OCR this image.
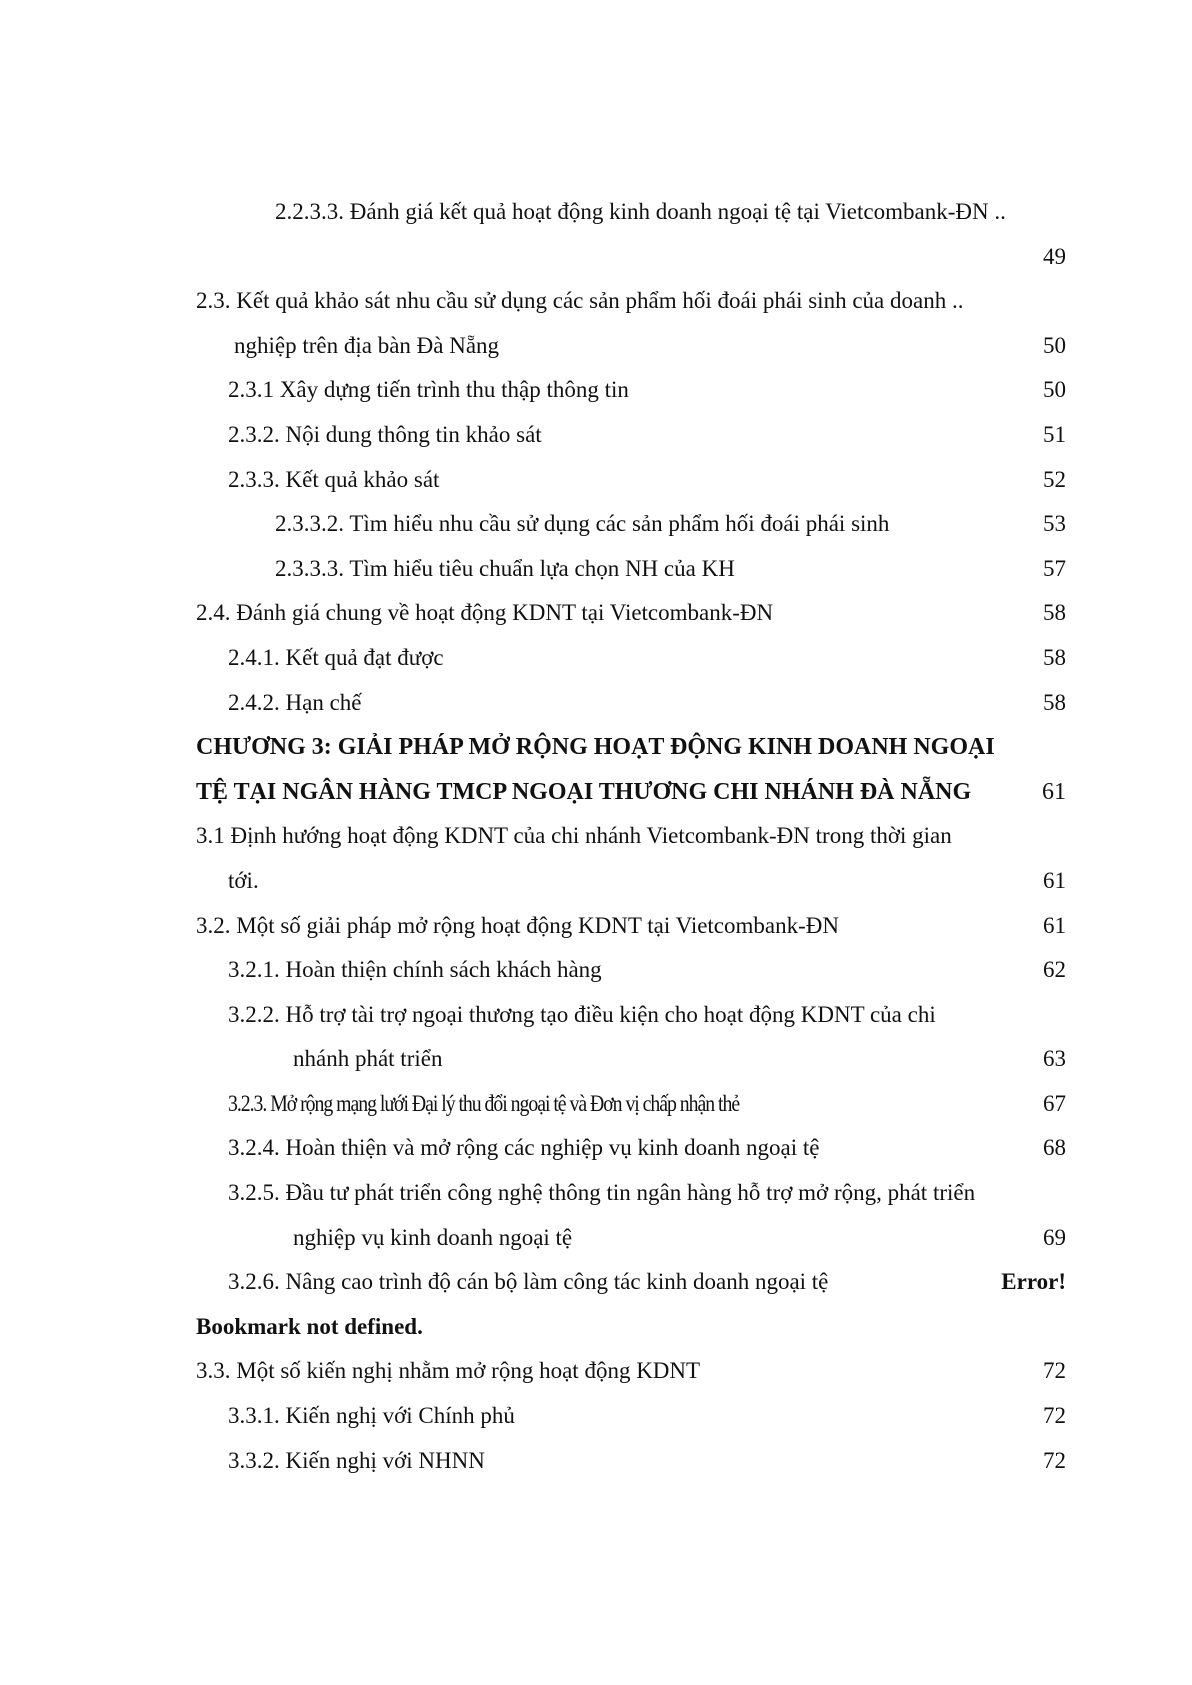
2.2.3.3. Đánh giá kết quả hoạt động kinh doanh ngoại tệ tại Vietcombank-ĐN ..
49
2.3. Kết quả khảo sát nhu cầu sử dụng các sản phẩm hối đoái phái sinh của doanh ..
nghiệp trên địa bàn Đà Nẵng	50
2.3.1 Xây dựng tiến trình thu thập thông tin	50
2.3.2. Nội dung thông tin khảo sát	51
2.3.3. Kết quả khảo sát	52
2.3.3.2. Tìm hiểu nhu cầu sử dụng các sản phẩm hối đoái phái sinh	53
2.3.3.3. Tìm hiểu tiêu chuẩn lựa chọn NH của KH	57
2.4. Đánh giá chung về hoạt động KDNT tại Vietcombank-ĐN	58
2.4.1. Kết quả đạt được	58
2.4.2. Hạn chế	58
CHƯƠNG 3: GIẢI PHÁP MỞ RỘNG HOẠT ĐỘNG KINH DOANH NGOẠI
TỆ TẠI NGÂN HÀNG TMCP NGOẠI THƯƠNG CHI NHÁNH ĐÀ NẴNG	61
3.1 Định hướng hoạt động KDNT của chi nhánh Vietcombank-ĐN trong thời gian
tới.	61
3.2. Một số giải pháp mở rộng hoạt động KDNT tại Vietcombank-ĐN	61
3.2.1. Hoàn thiện chính sách khách hàng	62
3.2.2. Hỗ trợ tài trợ ngoại thương tạo điều kiện cho hoạt động KDNT của chi
nhánh phát triển	63
3.2.3. Mở rộng mạng lưới Đại lý thu đổi ngoại tệ và Đơn vị chấp nhận thẻ	67
3.2.4. Hoàn thiện và mở rộng các nghiệp vụ kinh doanh ngoại tệ	68
3.2.5. Đầu tư phát triển công nghệ thông tin ngân hàng hỗ trợ mở rộng, phát triển
nghiệp vụ kinh doanh ngoại tệ	69
3.2.6. Nâng cao trình độ cán bộ làm công tác kinh doanh ngoại tệ	Error!
Bookmark not defined.
3.3. Một số kiến nghị nhằm mở rộng hoạt động KDNT	72
3.3.1. Kiến nghị với Chính phủ	72
3.3.2. Kiến nghị với NHNN	72
